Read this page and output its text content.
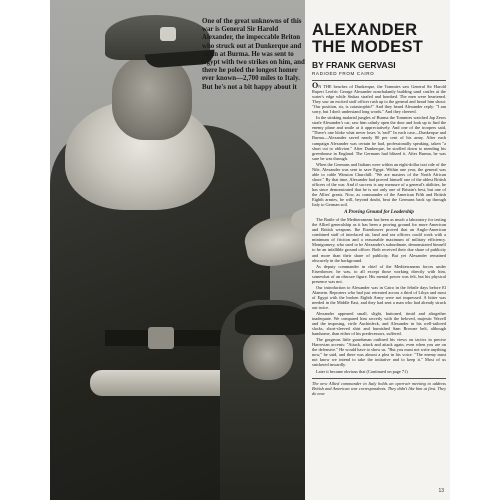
One of the great unknowns of this war is General Sir Harold Alexander, the impeccable Briton who struck out at Dunkerque and again at Burma. He was sent to Egypt with two strikes on him, and there he poled the longest homer ever known—2,700 miles to Italy. But he's not a bit happy about it
ALEXANDER THE MODEST
BY FRANK GERVASI
RADIOED FROM CAIRO

ON THE beaches of Dunkerque, the Tommies saw General Sir Harold Rupert Leofric George Alexander nonchalantly building sand castles at the water's edge while Stukas strafed and bombed. The men were heartened. They saw an excited staff officer rush up to the general and heard him shout: "Our position, sir, is catastrophic!" And they heard Alexander reply: "I am sorry, but I don't understand long words." And they cheered.

In the stinking malarial jungles of Burma the Tommies watched Jap Zeros strafe Alexander's car, saw him calmly open the door and look up to find the enemy plane and smile at it appreciatively. And one of the troopers said, "There's one bloke what never loses 'is 'ead!" In each case—Dunkerque and Burma—Alexander saved nearly 80 per cent of his army. After each campaign Alexander was certain he had, professionally speaking, taken "a short cut to oblivion." After Dunkerque, he strolled down to mending his greenhouse in England. The Germans had blitzed it. After Burma, he was sure he was through.

When the Germans and Italians were within an eight-dollar taxi ride of the Nile, Alexander was sent to save Egypt. Within one year, the general was able to cable Winston Churchill: "We are masters of the North African shore." By that time, Alexander had proved himself one of the ablest British officers of the war. And if success is any measure of a general's abilities, he has since demonstrated that he is not only one of Britain's best, but one of the Allies' greats. Now, as commander of the American Fifth and British Eighth armies, he will, beyond doubt, beat the Germans back up through Italy to German soil.

A Proving Ground for Leadership

The Battle of the Mediterranean has been as much a laboratory for testing the Allied generalship as it has been a proving ground for more American and British weapons. Ike Eisenhower proved that an Anglo-American combined staff of interlaced air, land and sea officers could work with a minimum of friction and a reasonable maximum of military efficiency. Montgomery, who used to be Alexander's subordinate, demonstrated himself to be an infallible ground officer. Both received their due share of publicity and more than their share of publicity. But yet Alexander remained obscurely in the background.

As deputy commander in chief of the Mediterranean forces under Eisenhower, he was, to all except those working directly with him, somewhat of an obscure figure. His mental power was felt, but his physical presence was not.

Our introduction to Alexander was in Cairo in the febrile days before El Alamein. Reporters who had just retreated across a third of Libya and most of Egypt with the broken Eighth Army were not impressed. A hitter was needed in the Middle East, and they had sent a man who had already struck out twice.

Alexander appeared small, slight, buttoned, timid and altogether inadequate. We compared him secretly with the beloved, majestic Wavell and the imposing, virile Auchinleck, and Alexander in his well-tailored slacks, short-sleeved shirt and burnished Sam Browne belt, although handsome, than either of his predecessors, suffered.

The gorgeous little guardsman outlined his views on tactics in precise Harrovian accents: "Attack, attack and attack again, even when you are on the defensive." He would have to show us. "But you must not write anything now," he said, and there was almost a plea in his voice. "The enemy must not know we intend to take the initiative and to keep it." Most of us snickered inwardly.

Later it became obvious that (Continued on page 71)

The new Allied commander in Italy holds an open-air meeting to address British and American war correspondents. They didn't like him at first. They do now

13
